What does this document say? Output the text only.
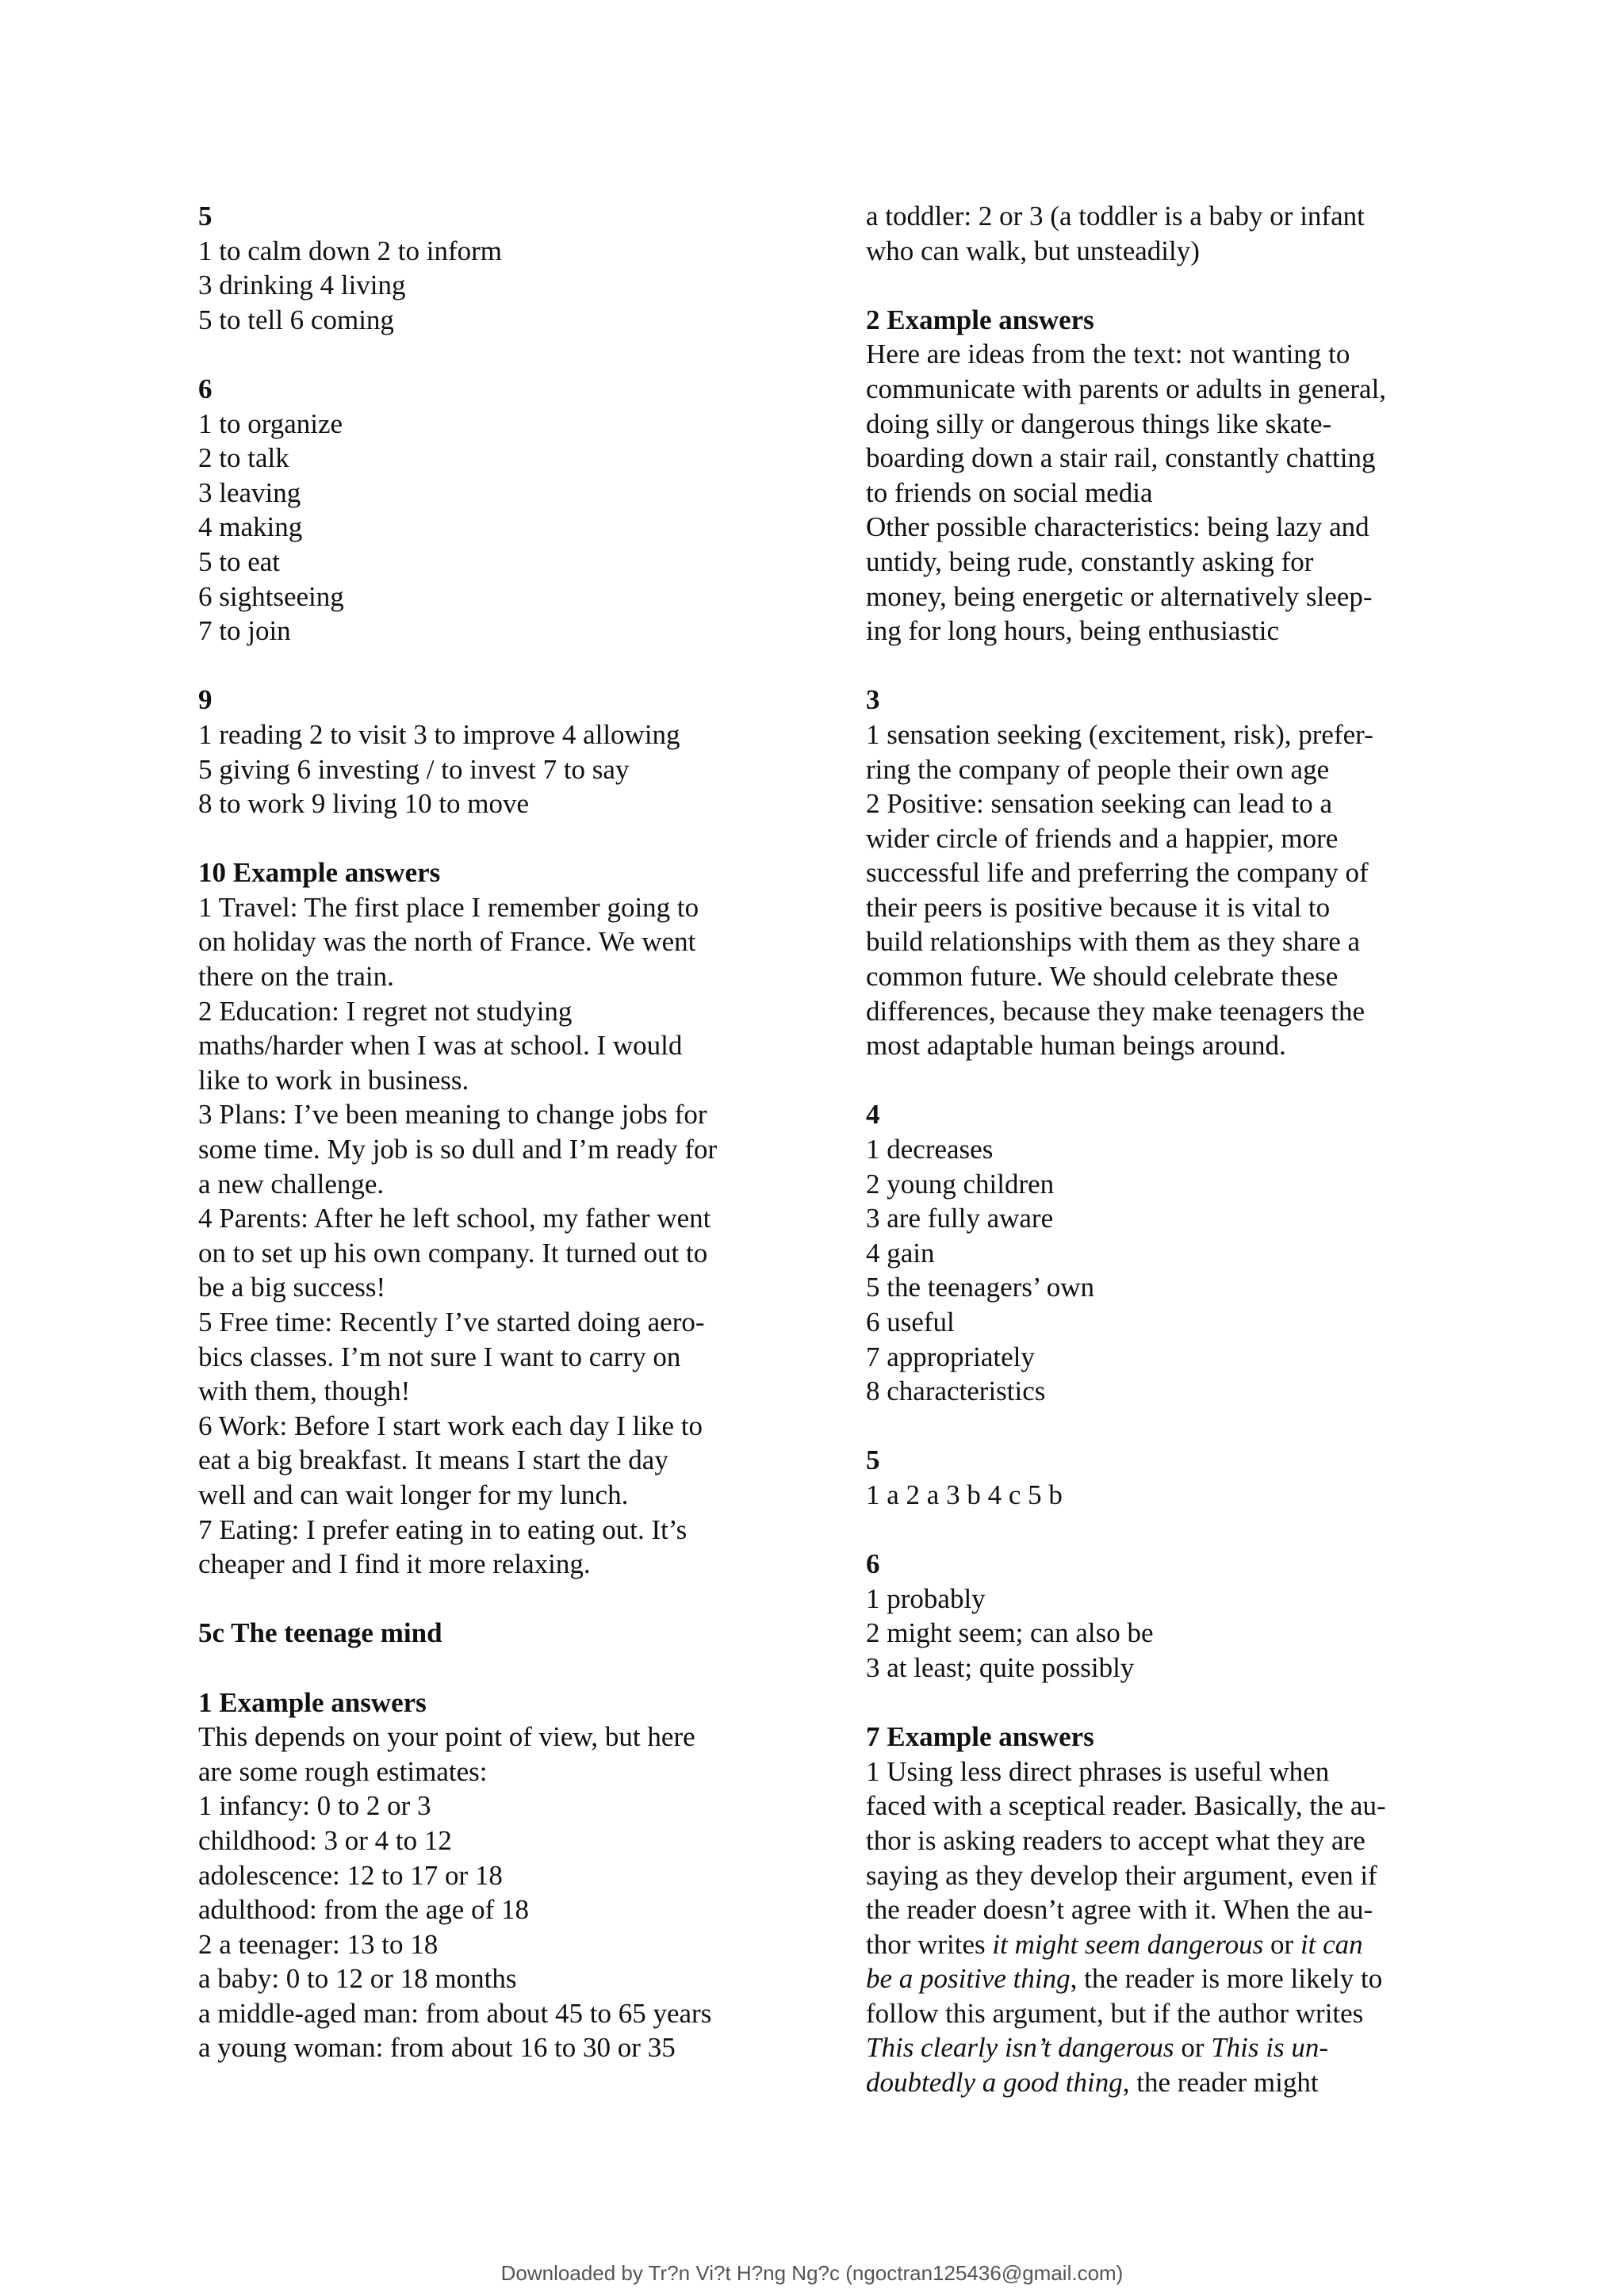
5
1 to calm down 2 to inform
3 drinking 4 living
5 to tell 6 coming
6
1 to organize
2 to talk
3 leaving
4 making
5 to eat
6 sightseeing
7 to join
9
1 reading 2 to visit 3 to improve 4 allowing
5 giving 6 investing / to invest 7 to say
8 to work 9 living 10 to move
10 Example answers
1 Travel: The first place I remember going to
on holiday was the north of France. We went
there on the train.
2 Education: I regret not studying
maths/harder when I was at school. I would
like to work in business.
3 Plans: I’ve been meaning to change jobs for
some time. My job is so dull and I’m ready for
a new challenge.
4 Parents: After he left school, my father went
on to set up his own company. It turned out to
be a big success!
5 Free time: Recently I’ve started doing aero-
bics classes. I’m not sure I want to carry on
with them, though!
6 Work: Before I start work each day I like to
eat a big breakfast. It means I start the day
well and can wait longer for my lunch.
7 Eating: I prefer eating in to eating out. It’s
cheaper and I find it more relaxing.
5c The teenage mind
1 Example answers
This depends on your point of view, but here
are some rough estimates:
1 infancy: 0 to 2 or 3
childhood: 3 or 4 to 12
adolescence: 12 to 17 or 18
adulthood: from the age of 18
2 a teenager: 13 to 18
a baby: 0 to 12 or 18 months
a middle-aged man: from about 45 to 65 years
a young woman: from about 16 to 30 or 35
a toddler: 2 or 3 (a toddler is a baby or infant
who can walk, but unsteadily)
2 Example answers
Here are ideas from the text: not wanting to
communicate with parents or adults in general,
doing silly or dangerous things like skate-
boarding down a stair rail, constantly chatting
to friends on social media
Other possible characteristics: being lazy and
untidy, being rude, constantly asking for
money, being energetic or alternatively sleep-
ing for long hours, being enthusiastic
3
1 sensation seeking (excitement, risk), prefer-
ring the company of people their own age
2 Positive: sensation seeking can lead to a
wider circle of friends and a happier, more
successful life and preferring the company of
their peers is positive because it is vital to
build relationships with them as they share a
common future. We should celebrate these
differences, because they make teenagers the
most adaptable human beings around.
4
1 decreases
2 young children
3 are fully aware
4 gain
5 the teenagers’ own
6 useful
7 appropriately
8 characteristics
5
1 a 2 a 3 b 4 c 5 b
6
1 probably
2 might seem; can also be
3 at least; quite possibly
7 Example answers
1 Using less direct phrases is useful when
faced with a sceptical reader. Basically, the au-
thor is asking readers to accept what they are
saying as they develop their argument, even if
the reader doesn’t agree with it. When the au-
thor writes it might seem dangerous or it can
be a positive thing, the reader is more likely to
follow this argument, but if the author writes
This clearly isn’t dangerous or This is un-
doubtedly a good thing, the reader might
Downloaded by Tr?n Vi?t H?ng Ng?c (ngoctran125436@gmail.com)
